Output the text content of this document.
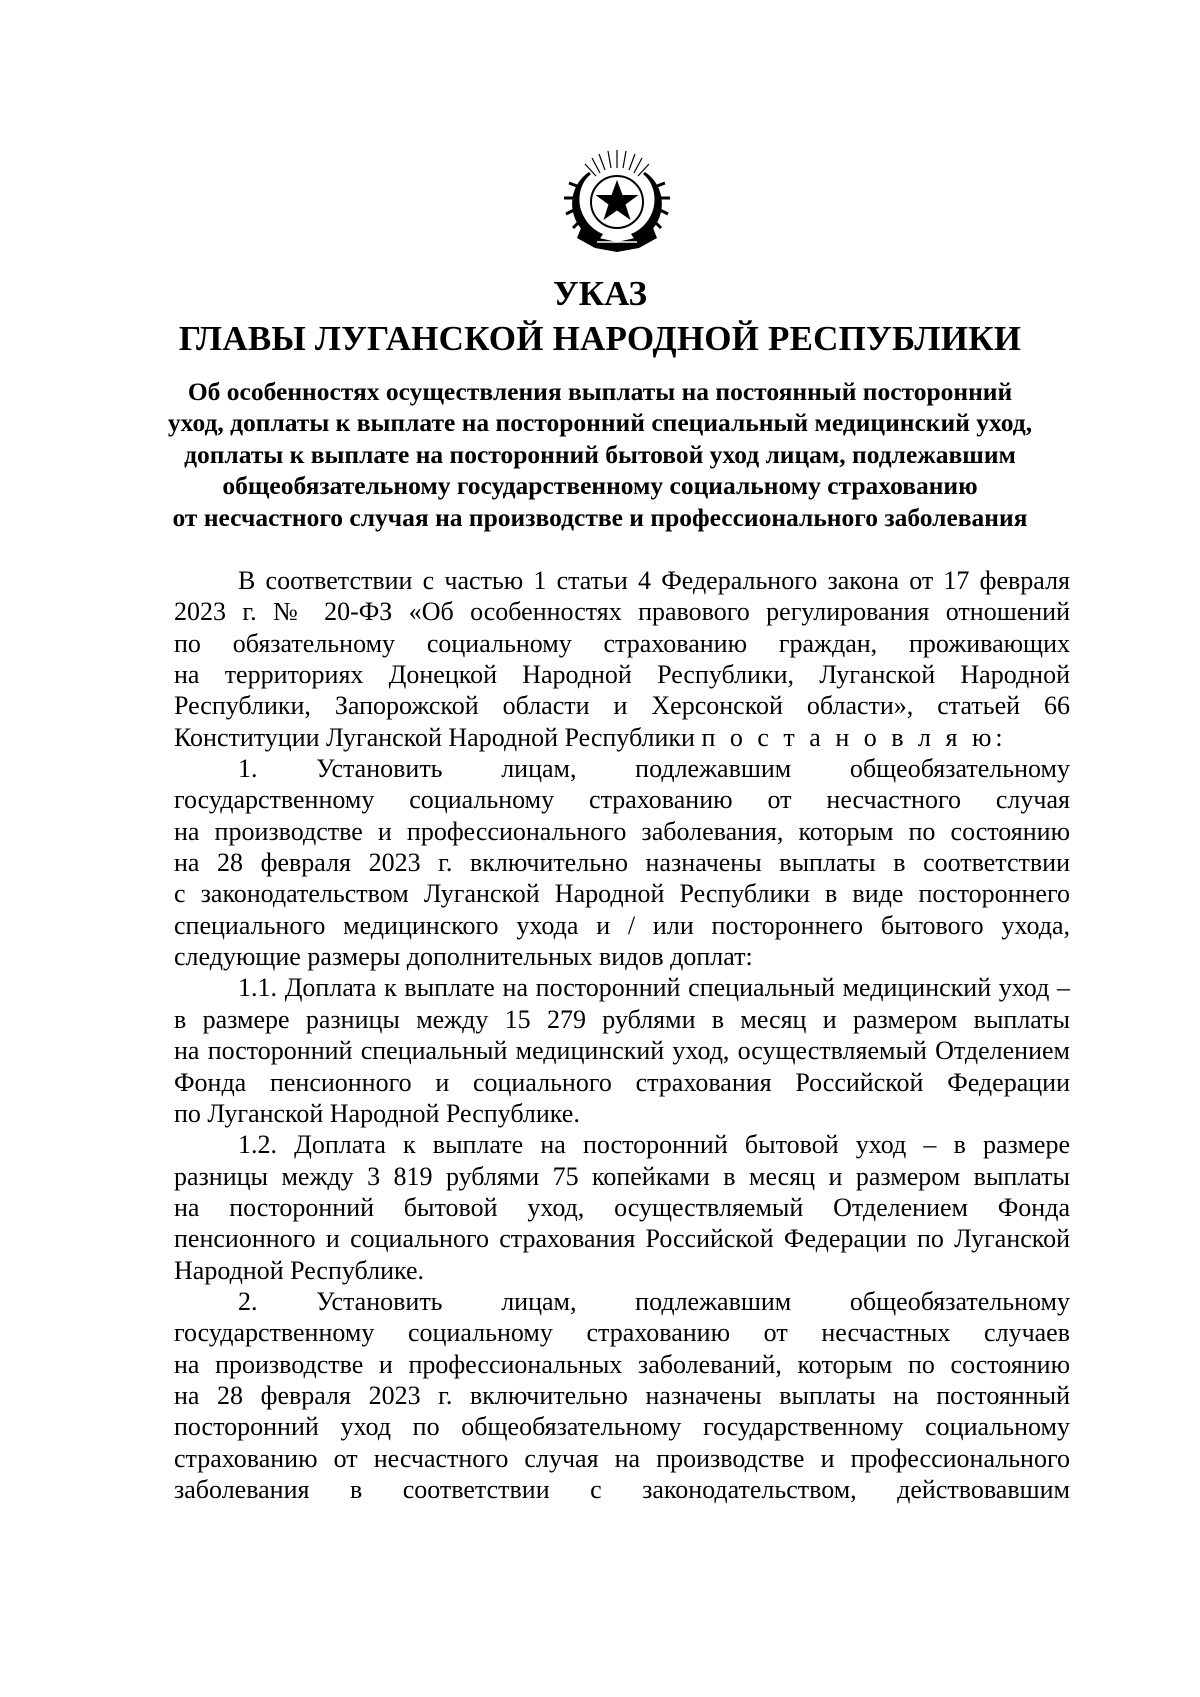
УКАЗ
ГЛАВЫ ЛУГАНСКОЙ НАРОДНОЙ РЕСПУБЛИКИ
Об особенностях осуществления выплаты на постоянный посторонний
уход, доплаты к выплате на посторонний специальный медицинский уход,
доплаты к выплате на посторонний бытовой уход лицам, подлежавшим
общеобязательному государственному социальному страхованию
от несчастного случая на производстве и профессионального заболевания

В соответствии с частью 1 статьи 4 Федерального закона от 17 февраля
2023 г. № 20-ФЗ «Об особенностях правового регулирования отношений
по обязательному социальному страхованию граждан, проживающих
на территориях Донецкой Народной Республики, Луганской Народной
Республики, Запорожской области и Херсонской области», статьей 66
Конституции Луганской Народной Республики п о с т а н о в л я ю:

1. Установить лицам, подлежавшим общеобязательному
государственному социальному страхованию от несчастного случая
на производстве и профессионального заболевания, которым по состоянию
на 28 февраля 2023 г. включительно назначены выплаты в соответствии
с законодательством Луганской Народной Республики в виде постороннего
специального медицинского ухода и / или постороннего бытового ухода,
следующие размеры дополнительных видов доплат:

1.1. Доплата к выплате на посторонний специальный медицинский уход –
в размере разницы между 15 279 рублями в месяц и размером выплаты
на посторонний специальный медицинский уход, осуществляемый Отделением
Фонда пенсионного и социального страхования Российской Федерации
по Луганской Народной Республике.

1.2. Доплата к выплате на посторонний бытовой уход – в размере
разницы между 3 819 рублями 75 копейками в месяц и размером выплаты
на посторонний бытовой уход, осуществляемый Отделением Фонда
пенсионного и социального страхования Российской Федерации по Луганской
Народной Республике.

2. Установить лицам, подлежавшим общеобязательному
государственному социальному страхованию от несчастных случаев
на производстве и профессиональных заболеваний, которым по состоянию
на 28 февраля 2023 г. включительно назначены выплаты на постоянный
посторонний уход по общеобязательному государственному социальному
страхованию от несчастного случая на производстве и профессионального
заболевания в соответствии с законодательством, действовавшим
